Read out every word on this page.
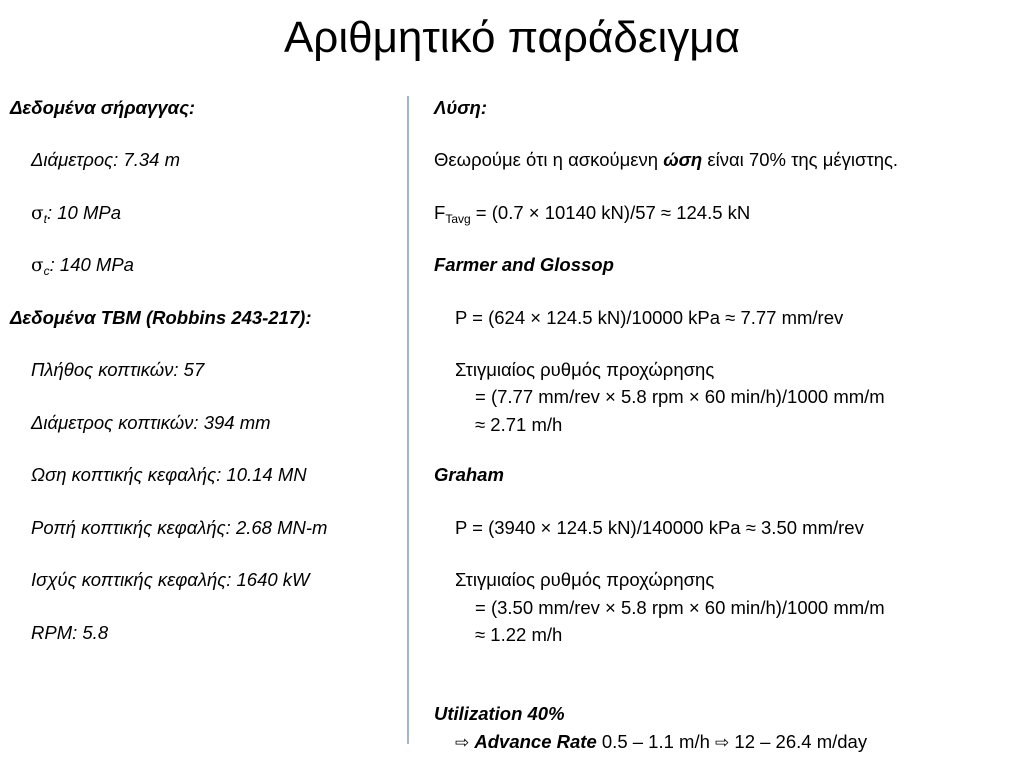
Αριθμητικό παράδειγμα
Δεδομένα σήραγγας:
Διάμετρος: 7.34 m
$\sigma_t$: 10 MPa
$\sigma_c$: 140 MPa
Δεδομένα TBM (Robbins 243-217):
Πλήθος κοπτικών: 57
Διάμετρος κοπτικών: 394 mm
Ωση κοπτικής κεφαλής: 10.14 MN
Ροπή κοπτικής κεφαλής: 2.68 MN-m
Ισχύς κοπτικής κεφαλής: 1640 kW
RPM: 5.8
Λύση:
Θεωρούμε ότι η ασκούμενη ώση είναι 70% της μέγιστης.
$F_{Tavg} = (0.7 \times 10140$ kN)/57 ≈ 124.5 kN
Farmer and Glossop
P = (624 × 124.5 kN)/10000 kPa ≈ 7.77 mm/rev
Στιγμιαίος ρυθμός προχώρησης
= (7.77 mm/rev × 5.8 rpm × 60 min/h)/1000 mm/m
≈ 2.71 m/h
Graham
P = (3940 × 124.5 kN)/140000 kPa ≈ 3.50 mm/rev
Στιγμιαίος ρυθμός προχώρησης
= (3.50 mm/rev × 5.8 rpm × 60 min/h)/1000 mm/m
≈ 1.22 m/h
Utilization 40%
⇨ Advance Rate 0.5 – 1.1 m/h ⇨ 12 – 26.4 m/day
